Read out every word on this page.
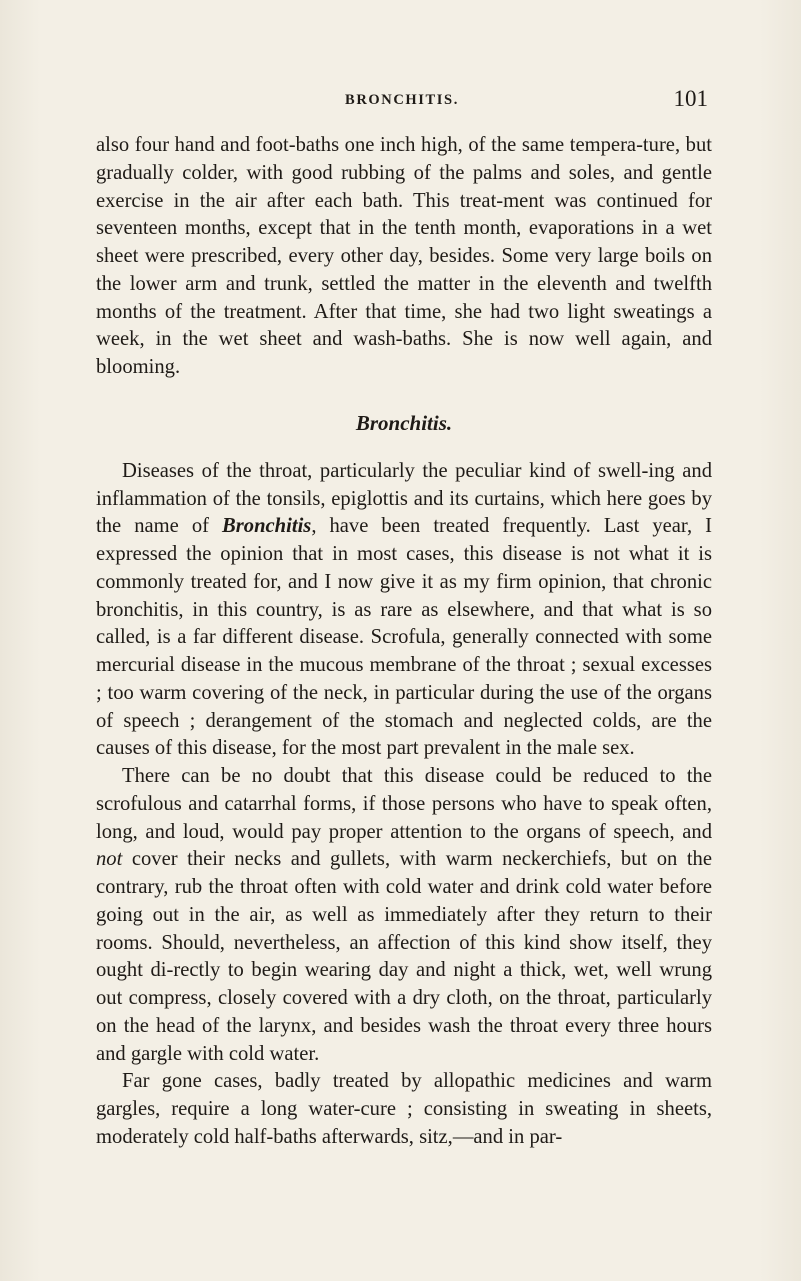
BRONCHITIS.	101

also four hand and foot-baths one inch high, of the same tempera-ture, but gradually colder, with good rubbing of the palms and soles, and gentle exercise in the air after each bath. This treat-ment was continued for seventeen months, except that in the tenth month, evaporations in a wet sheet were prescribed, every other day, besides. Some very large boils on the lower arm and trunk, settled the matter in the eleventh and twelfth months of the treatment. After that time, she had two light sweatings a week, in the wet sheet and wash-baths. She is now well again, and blooming.

Bronchitis.

Diseases of the throat, particularly the peculiar kind of swell-ing and inflammation of the tonsils, epiglottis and its curtains, which here goes by the name of Bronchitis, have been treated frequently. Last year, I expressed the opinion that in most cases, this disease is not what it is commonly treated for, and I now give it as my firm opinion, that chronic bronchitis, in this country, is as rare as elsewhere, and that what is so called, is a far different disease. Scrofula, generally connected with some mercurial disease in the mucous membrane of the throat ; sexual excesses ; too warm covering of the neck, in particular during the use of the organs of speech ; derangement of the stomach and neglected colds, are the causes of this disease, for the most part prevalent in the male sex.

There can be no doubt that this disease could be reduced to the scrofulous and catarrhal forms, if those persons who have to speak often, long, and loud, would pay proper attention to the organs of speech, and not cover their necks and gullets, with warm neckerchiefs, but on the contrary, rub the throat often with cold water and drink cold water before going out in the air, as well as immediately after they return to their rooms. Should, nevertheless, an affection of this kind show itself, they ought di-rectly to begin wearing day and night a thick, wet, well wrung out compress, closely covered with a dry cloth, on the throat, particularly on the head of the larynx, and besides wash the throat every three hours and gargle with cold water.

Far gone cases, badly treated by allopathic medicines and warm gargles, require a long water-cure ; consisting in sweating in sheets, moderately cold half-baths afterwards, sitz,—and in par-
